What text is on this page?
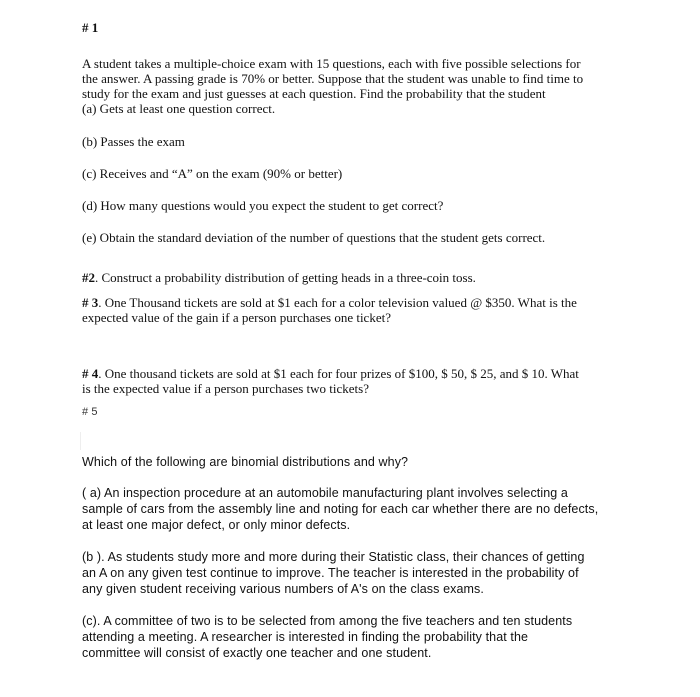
# 1
A student takes a multiple-choice exam with 15 questions, each with five possible selections for
the answer. A passing grade is 70% or better. Suppose that the student was unable to find time to
study for the exam and just guesses at each question. Find the probability that the student
(a) Gets at least one question correct.
(b) Passes the exam
(c) Receives and “A” on the exam (90% or better)
(d) How many questions would you expect the student to get correct?
(e) Obtain the standard deviation of the number of questions that the student gets correct.
#2. Construct a probability distribution of getting heads in a three-coin toss.
# 3. One Thousand tickets are sold at $1 each for a color television valued @ $350. What is the
expected value of the gain if a person purchases one ticket?
# 4. One thousand tickets are sold at $1 each for four prizes of $100, $ 50, $ 25, and $ 10. What
is the expected value if a person purchases two tickets?
# 5
Which of the following are binomial distributions and why?
( a) An inspection procedure at an automobile manufacturing plant involves selecting a
sample of cars from the assembly line and noting for each car whether there are no defects,
at least one major defect, or only minor defects.
(b ). As students study more and more during their Statistic class, their chances of getting
an A on any given test continue to improve. The teacher is interested in the probability of
any given student receiving various numbers of A's on the class exams.
(c). A committee of two is to be selected from among the five teachers and ten students
attending a meeting. A researcher is interested in finding the probability that the
committee will consist of exactly one teacher and one student.
